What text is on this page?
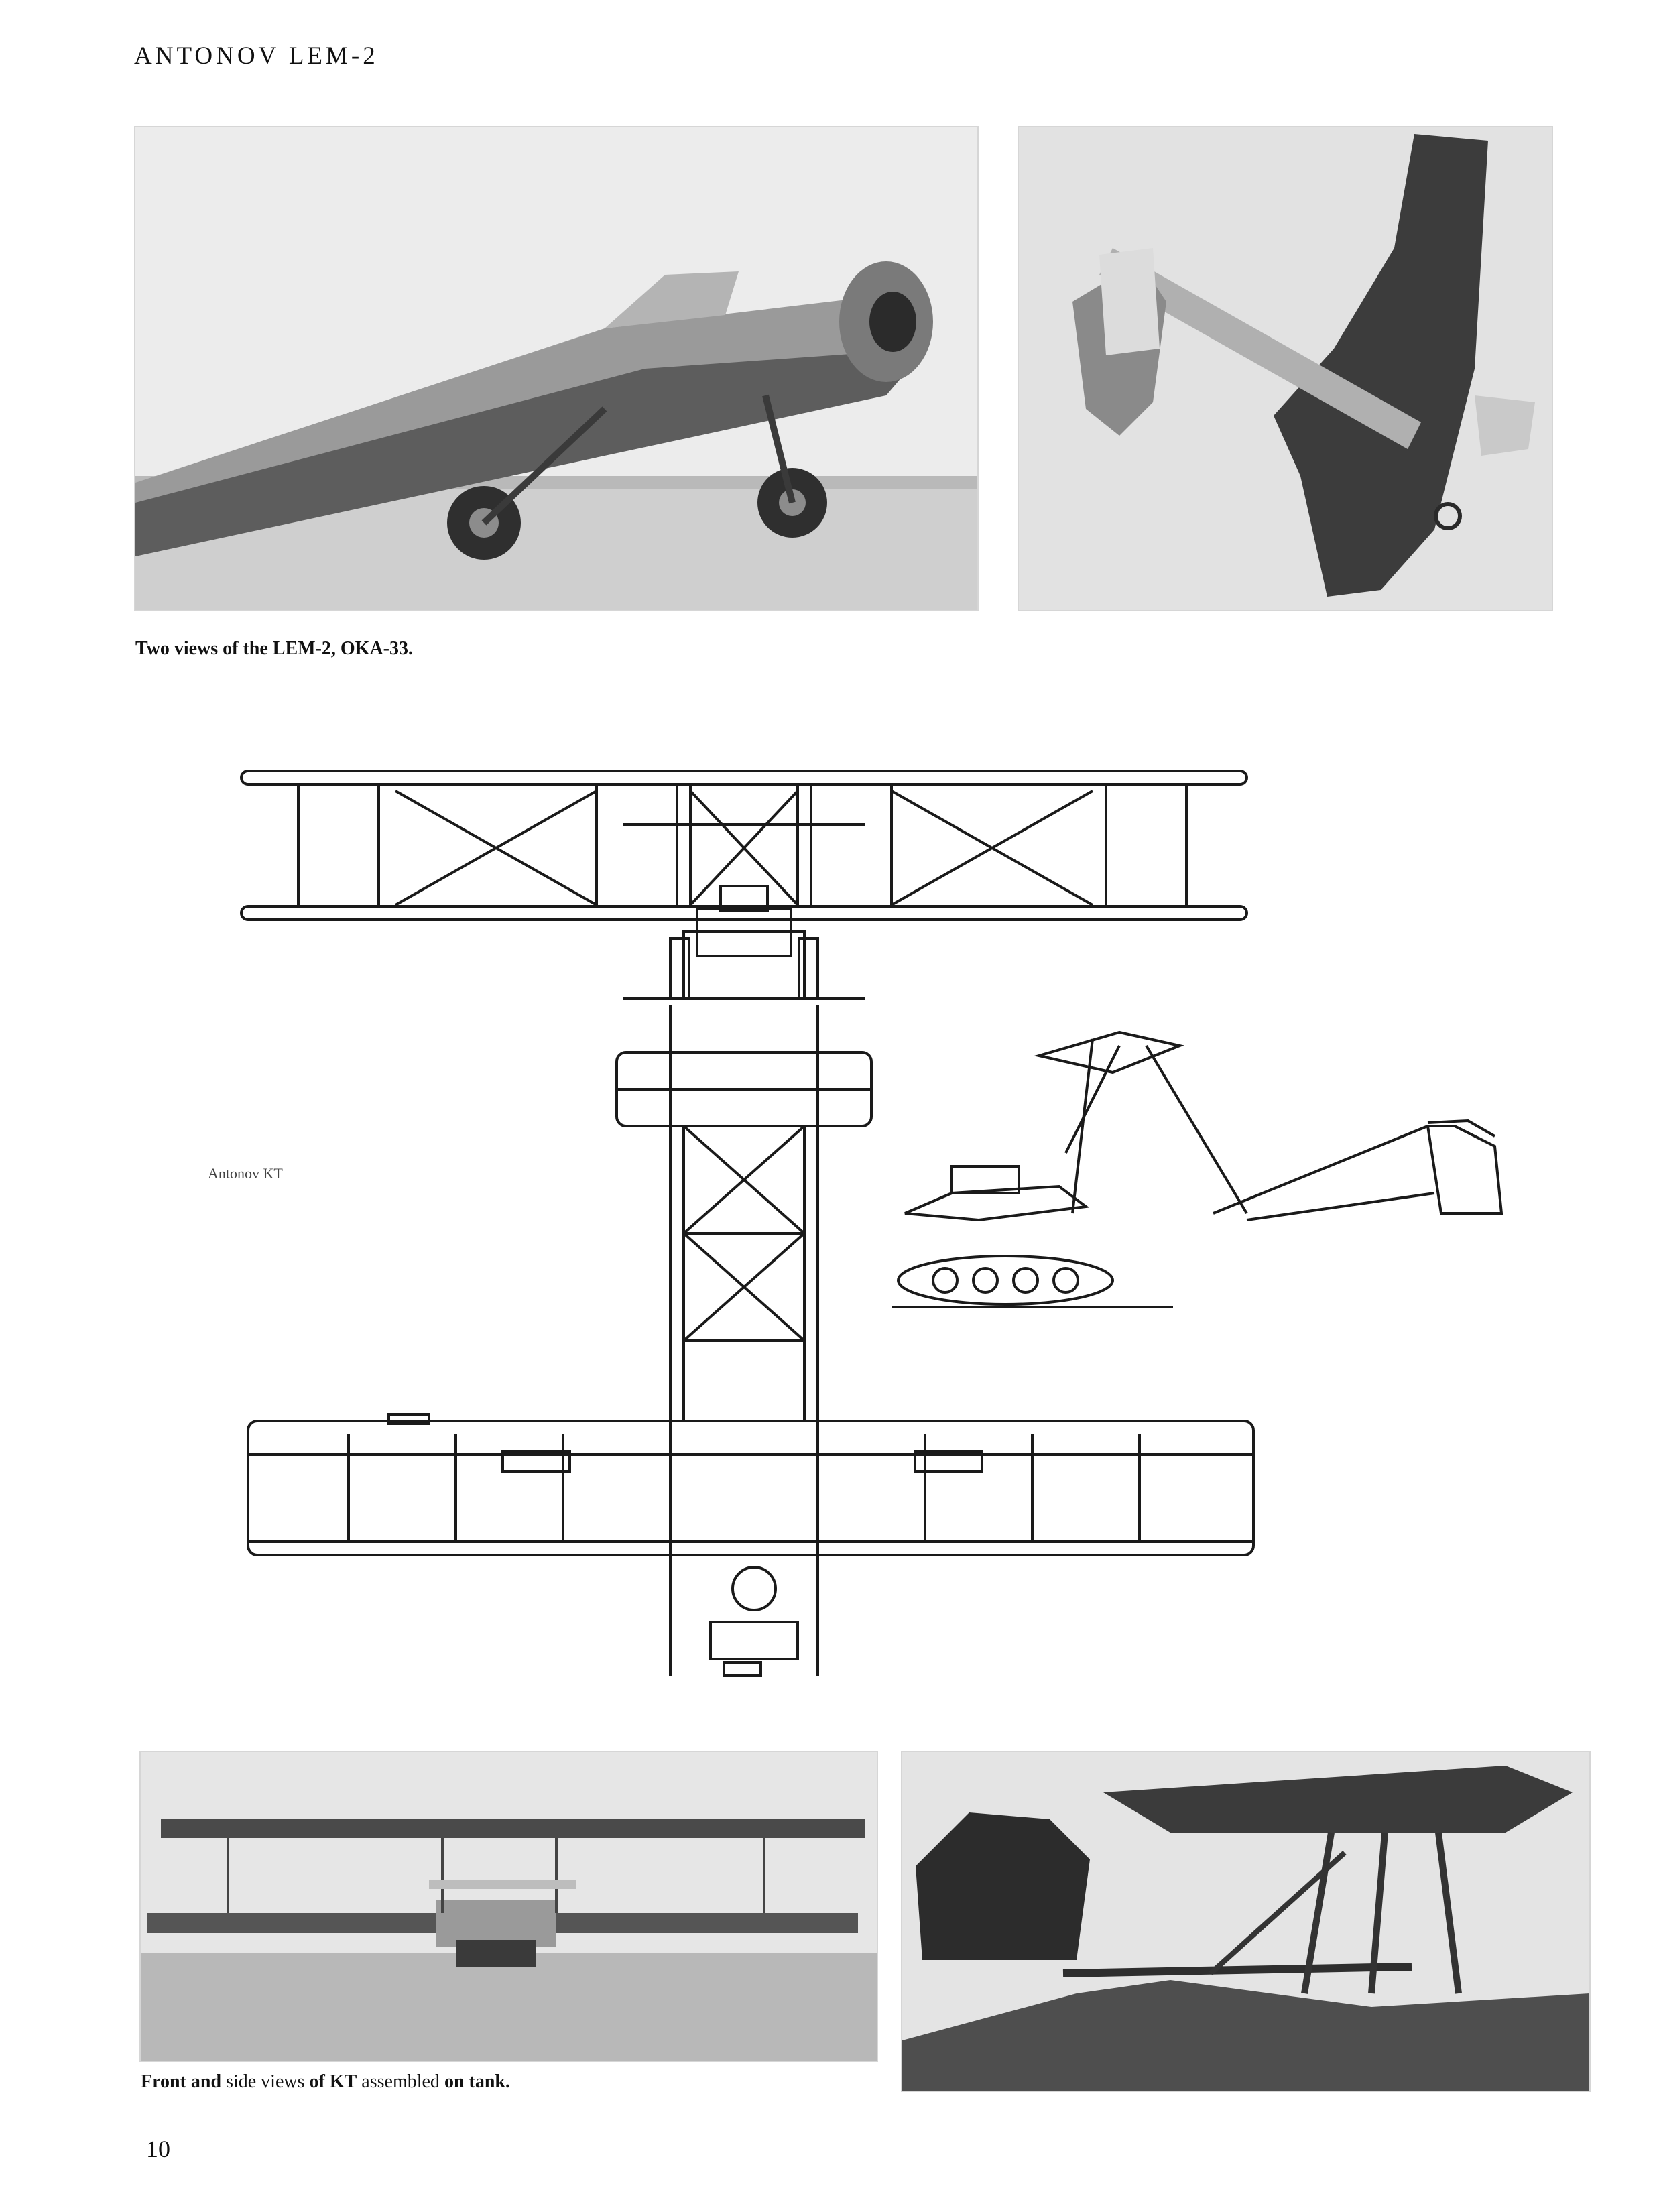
ANTONOV LEM-2
Two views of the LEM-2, OKA-33.
Antonov KT
Front and side views of KT assembled on tank.
10
